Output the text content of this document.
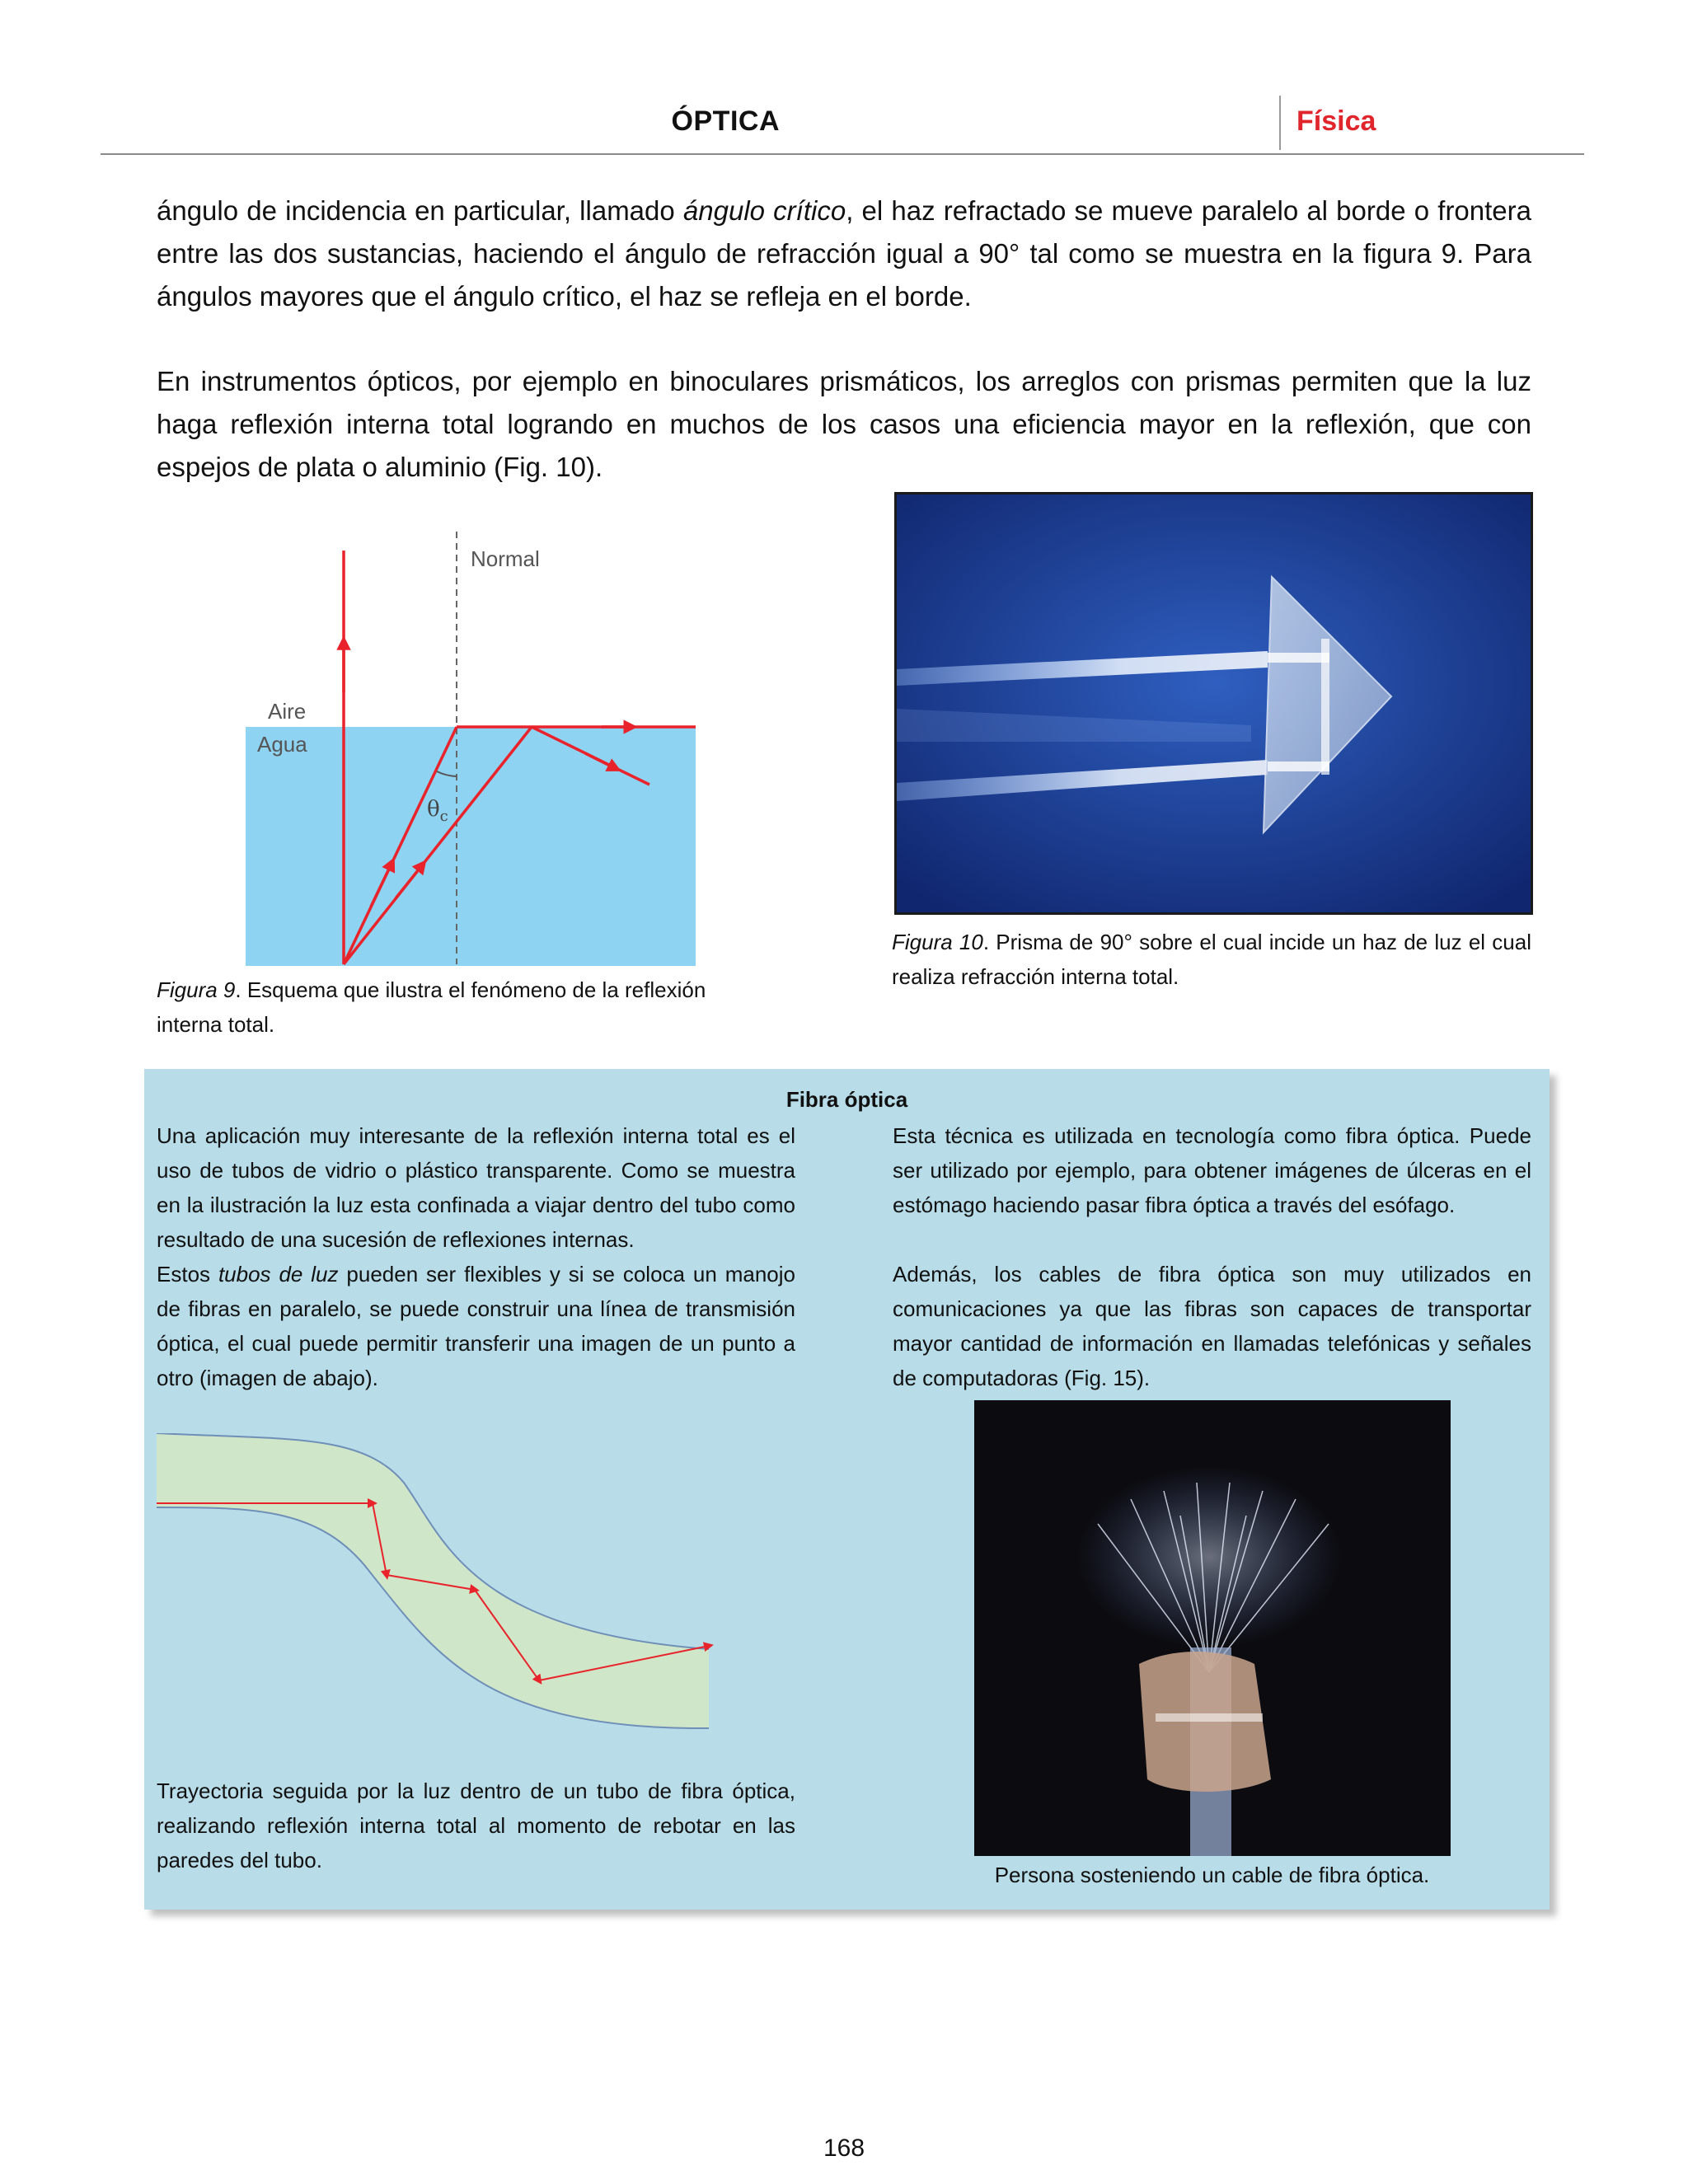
ÓPTICA	Física
ángulo de incidencia en particular, llamado ángulo crítico, el haz refractado se mueve paralelo al borde o frontera entre las dos sustancias, haciendo el ángulo de refracción igual a 90° tal como se muestra en la figura 9. Para ángulos mayores que el ángulo crítico, el haz se refleja en el borde.
En instrumentos ópticos, por ejemplo en binoculares prismáticos, los arreglos con prismas permiten que la luz haga reflexión interna total logrando en muchos de los casos una eficiencia mayor en la reflexión, que con espejos de plata o aluminio (Fig. 10).
Normal
Aire
Agua
$\theta_c$
Figura 9. Esquema que ilustra el fenómeno de la reflexión interna total.
Figura 10. Prisma de 90° sobre el cual incide un haz de luz el cual realiza refracción interna total.
Fibra óptica
Una aplicación muy interesante de la reflexión interna total es el uso de tubos de vidrio o plástico transparente. Como se muestra en la ilustración la luz esta confinada a viajar dentro del tubo como resultado de una sucesión de reflexiones internas.
Estos tubos de luz pueden ser flexibles y si se coloca un manojo de fibras en paralelo, se puede construir una línea de transmisión óptica, el cual puede permitir transferir una imagen de un punto a otro (imagen de abajo).
Trayectoria seguida por la luz dentro de un tubo de fibra óptica, realizando reflexión interna total al momento de rebotar en las paredes del tubo.
Esta técnica es utilizada en tecnología como fibra óptica. Puede ser utilizado por ejemplo, para obtener imágenes de úlceras en el estómago haciendo pasar fibra óptica a través del esófago.
Además, los cables de fibra óptica son muy utilizados en comunicaciones ya que las fibras son capaces de transportar mayor cantidad de información en llamadas telefónicas y señales de computadoras (Fig. 15).
Persona sosteniendo un cable de fibra óptica.
168
